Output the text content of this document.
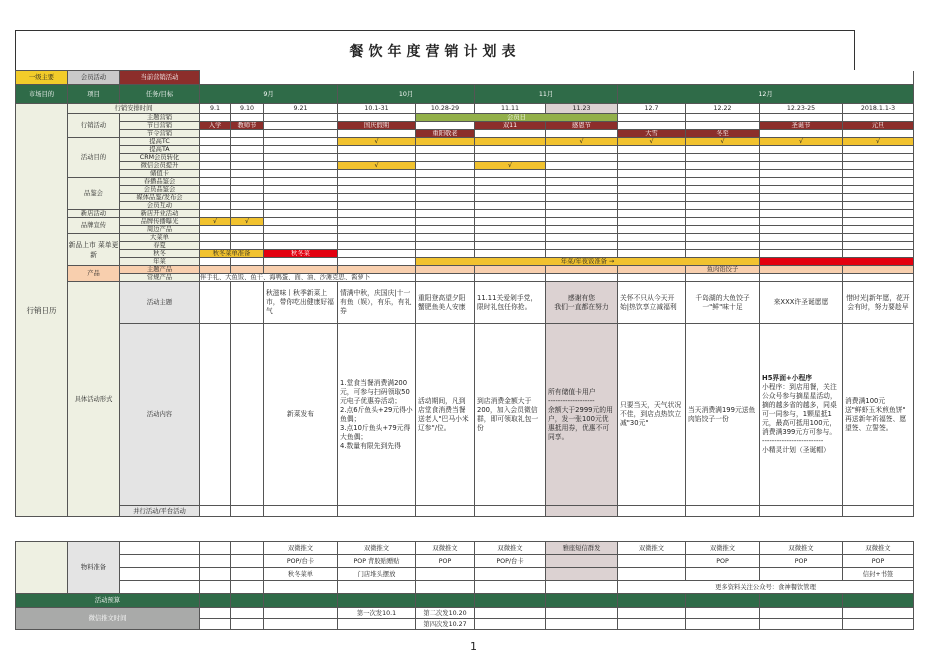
餐饮年度营销计划表
一级主要	会员活动	当前营销活动												
市场目的	项目	任务/目标	9月			10月		11月		12月				
行销日历	行销安排时间		9.1	9.10	9.21	10.1-31	10.28-29	11.11	11.23	12.7	12.22	12.23-25	2018.1.1-3	
	行销活动	主题营销					会员日							
		节日营销	入学	教师节		国庆假期		双11	感恩节			圣诞节	元旦	
		节令营销					重阳敬老			大雪	冬至			
	活动目的	提高TC				√			√	√	√	√	√	
		提高TA												
		CRM会员转化												
		微信会员提升				√		√						
		储值卡												
	品鉴会	春播品鉴会												
		会员品鉴会												
		媒体品鉴/发布会												
		会员互动												
	新店活动	新店开业活动												
	品牌宣传	品牌传播曝光	√	√										
		周边产品												
	新品上市 菜单更新	大菜单												
		春夏												
		秋冬	秋冬菜单准备		秋冬菜									
		年菜					年菜/年夜饭准备 →							
	产品	主题产品									鱼肉馅饺子			
		常规产品	伴手礼、大鱼饭、鱼干、海鸭蛋、面、油、沙滩克思、酱萝卜											
	具体活动形式	活动主题			秋滋味丨秋季新菜上市，带你吃出健康好福气	情满中秋，庆国庆|十一有鱼（娱），有乐，有礼券	重阳登高望夕阳 蟹肥鱼美人安康	11.11关爱剁手党，限时礼包任你抢。	感谢有您
我们一直都在努力	关怀不只从今天开始|热饮享立减福利	千岛湖的大鱼饺子一"鲜"味十足	来XXX许圣诞愿愿	惜时光|新年愿，花开会有时，努力要趁早	
		活动内容			新菜发布	1.堂食当餐消费满200元，可参与扫码领取50元电子优惠券活动；
2.点6斤鱼头+29元得小鱼偶；
3.点10斤鱼头+79元得大鱼偶；
4.数量有限先到先得	活动期间，凡到店堂食消费当餐送老人"巴马小米辽参"/位。	到店消费金额大于200，加入会员微信群，即可领取礼包一份	所有储值卡用户
-------------------
余额大于2999元的用户，发一张100元优惠抵用券，优惠不可同享。	只要当天，天气状况不佳，到店点热饮立减"30元"	当天消费满199元送鱼肉馅饺子一份	H5界面+小程序
小程序：到店用餐，关注公众号参与摘星星活动，摘的越多省的越多，同桌可一同参与，1颗星抵1元，最高可抵用100元，消费满399元方可参与。
-------------------------
小精灵计划（圣诞帽）	消费满100元
送"鲜虾玉米煎鱼饼"
再送新年祈福签、愿望签、立誓签。	
		并行活动/平台活动												
	物料准备				双微推文	双微推文	双微推文	双微推文	雅座短信群发	双微推文	双微推文	双微推文	双微推文
					POP/台卡	POP 背胶贴赠贴	POP	POP/台卡			POP	POP	POP
					秋冬菜单	门店堆头摆放							信封+书签
										更多资料关注公众号：食神餐饮管理			
活动预算													
微信推文时间						第一次发10.1	第二次发10.20						
							第四次发10.27						
1
